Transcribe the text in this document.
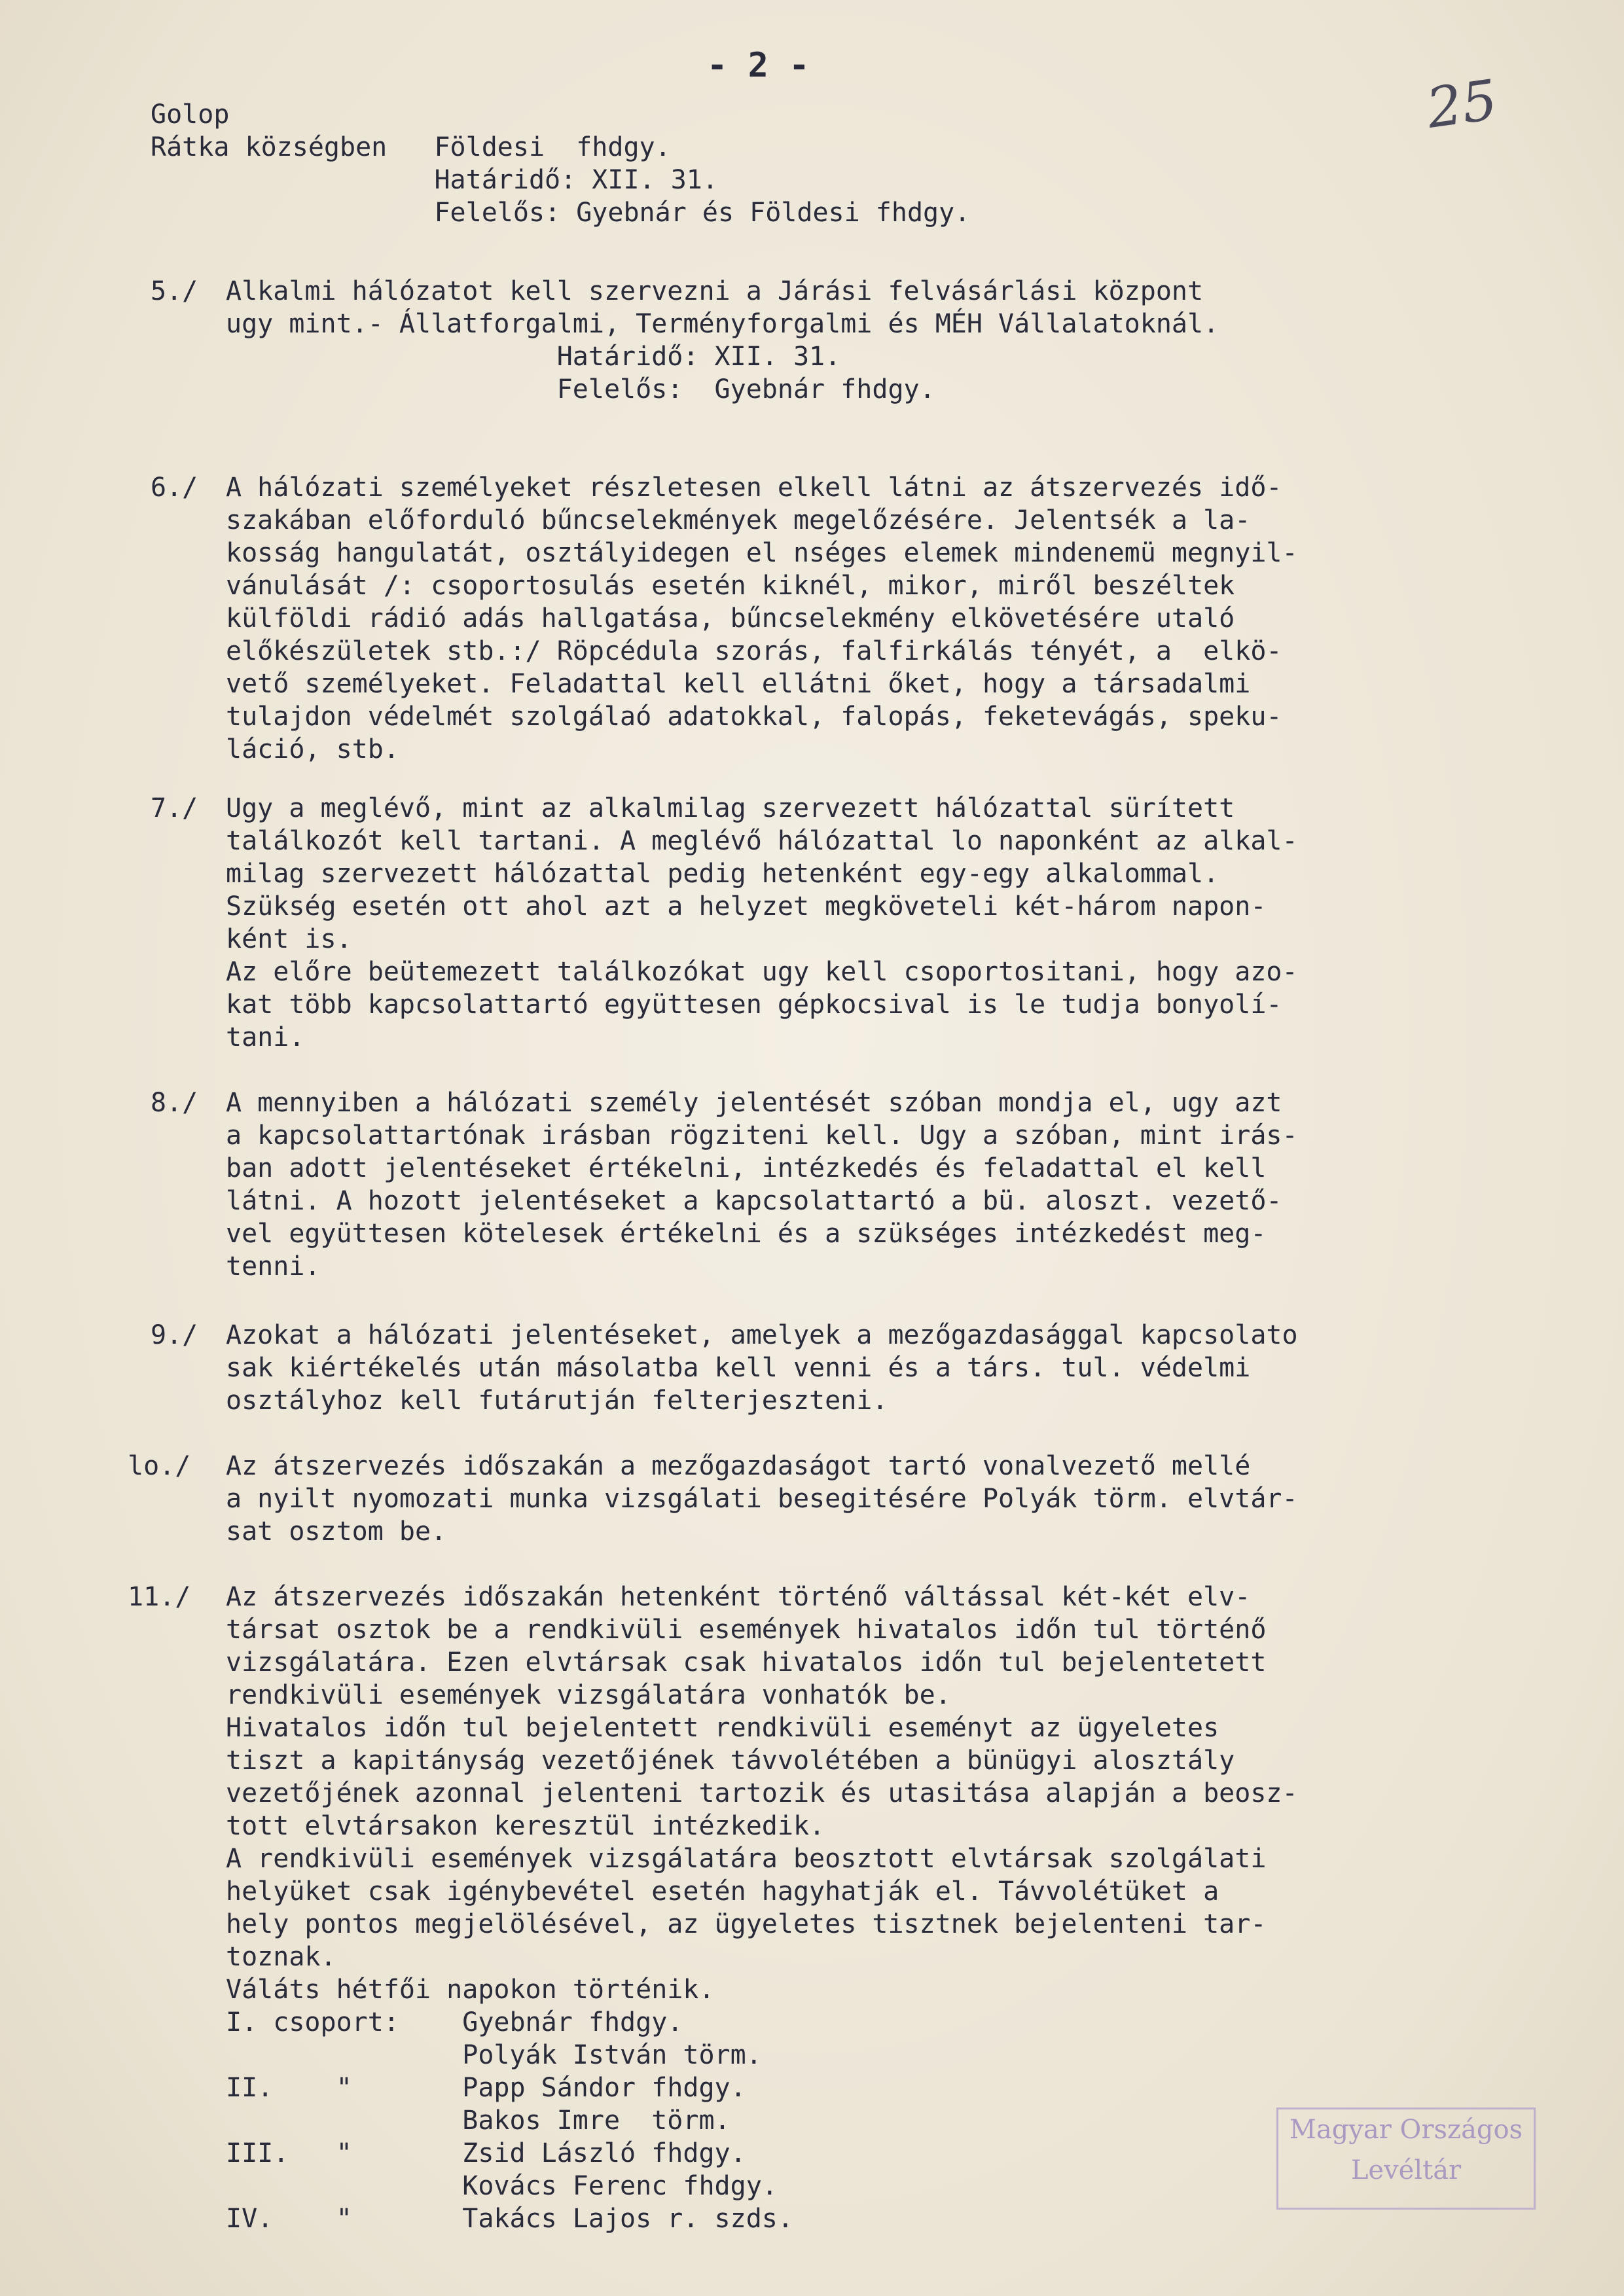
- 2 -
25
Golop
Rátka községben   Földesi  fhdgy.
Határidő: XII. 31.
Felelős: Gyebnár és Földesi fhdgy.
5./ Alkalmi hálózatot kell szervezni a Járási felvásárlási központ
ugy mint.- Állatforgalmi, Terményforgalmi és MÉH Vállalatoknál.
Határidő: XII. 31.
Felelős:  Gyebnár fhdgy.
6./ A hálózati személyeket részletesen elkell látni az átszervezés idő-
szakában előforduló bűncselekmények megelőzésére. Jelentsék a la-
kosság hangulatát, osztályidegen el nséges elemek mindenemü megnyil-
vánulását /: csoportosulás esetén kiknél, mikor, miről beszéltek
külföldi rádió adás hallgatása, bűncselekmény elkövetésére utaló
előkészületek stb.:/ Röpcédula szorás, falfirkálás tényét, a  elkö-
vető személyeket. Feladattal kell ellátni őket, hogy a társadalmi
tulajdon védelmét szolgálaó adatokkal, falopás, feketevágás, speku-
láció, stb.
7./ Ugy a meglévő, mint az alkalmilag szervezett hálózattal sürített
találkozót kell tartani. A meglévő hálózattal lo naponként az alkal-
milag szervezett hálózattal pedig hetenként egy-egy alkalommal.
Szükség esetén ott ahol azt a helyzet megköveteli két-három napon-
ként is.
Az előre beütemezett találkozókat ugy kell csoportositani, hogy azo-
kat több kapcsolattartó együttesen gépkocsival is le tudja bonyolí-
tani.
8./ A mennyiben a hálózati személy jelentését szóban mondja el, ugy azt
a kapcsolattartónak irásban rögziteni kell. Ugy a szóban, mint irás-
ban adott jelentéseket értékelni, intézkedés és feladattal el kell
látni. A hozott jelentéseket a kapcsolattartó a bü. aloszt. vezető-
vel együttesen kötelesek értékelni és a szükséges intézkedést meg-
tenni.
9./ Azokat a hálózati jelentéseket, amelyek a mezőgazdasággal kapcsolato
sak kiértékelés után másolatba kell venni és a társ. tul. védelmi
osztályhoz kell futárutján felterjeszteni.
lo./ Az átszervezés időszakán a mezőgazdaságot tartó vonalvezető mellé
a nyilt nyomozati munka vizsgálati besegitésére Polyák törm. elvtár-
sat osztom be.
11./ Az átszervezés időszakán hetenként történő váltással két-két elv-
társat osztok be a rendkivüli események hivatalos időn tul történő
vizsgálatára. Ezen elvtársak csak hivatalos időn tul bejelentetett
rendkivüli események vizsgálatára vonhatók be.
Hivatalos időn tul bejelentett rendkivüli eseményt az ügyeletes
tiszt a kapitányság vezetőjének távvolétében a bünügyi alosztály
vezetőjének azonnal jelenteni tartozik és utasitása alapján a beosz-
tott elvtársakon keresztül intézkedik.
A rendkivüli események vizsgálatára beosztott elvtársak szolgálati
helyüket csak igénybevétel esetén hagyhatják el. Távvolétüket a
hely pontos megjelölésével, az ügyeletes tisztnek bejelenteni tar-
toznak.
Váláts hétfői napokon történik.
I. csoport:    Gyebnár fhdgy.
Polyák István törm.
II.    "       Papp Sándor fhdgy.
Bakos Imre  törm.
III.   "       Zsid László fhdgy.
Kovács Ferenc fhdgy.
IV.    "       Takács Lajos r. szds.
Magyar Országos
Levéltár
